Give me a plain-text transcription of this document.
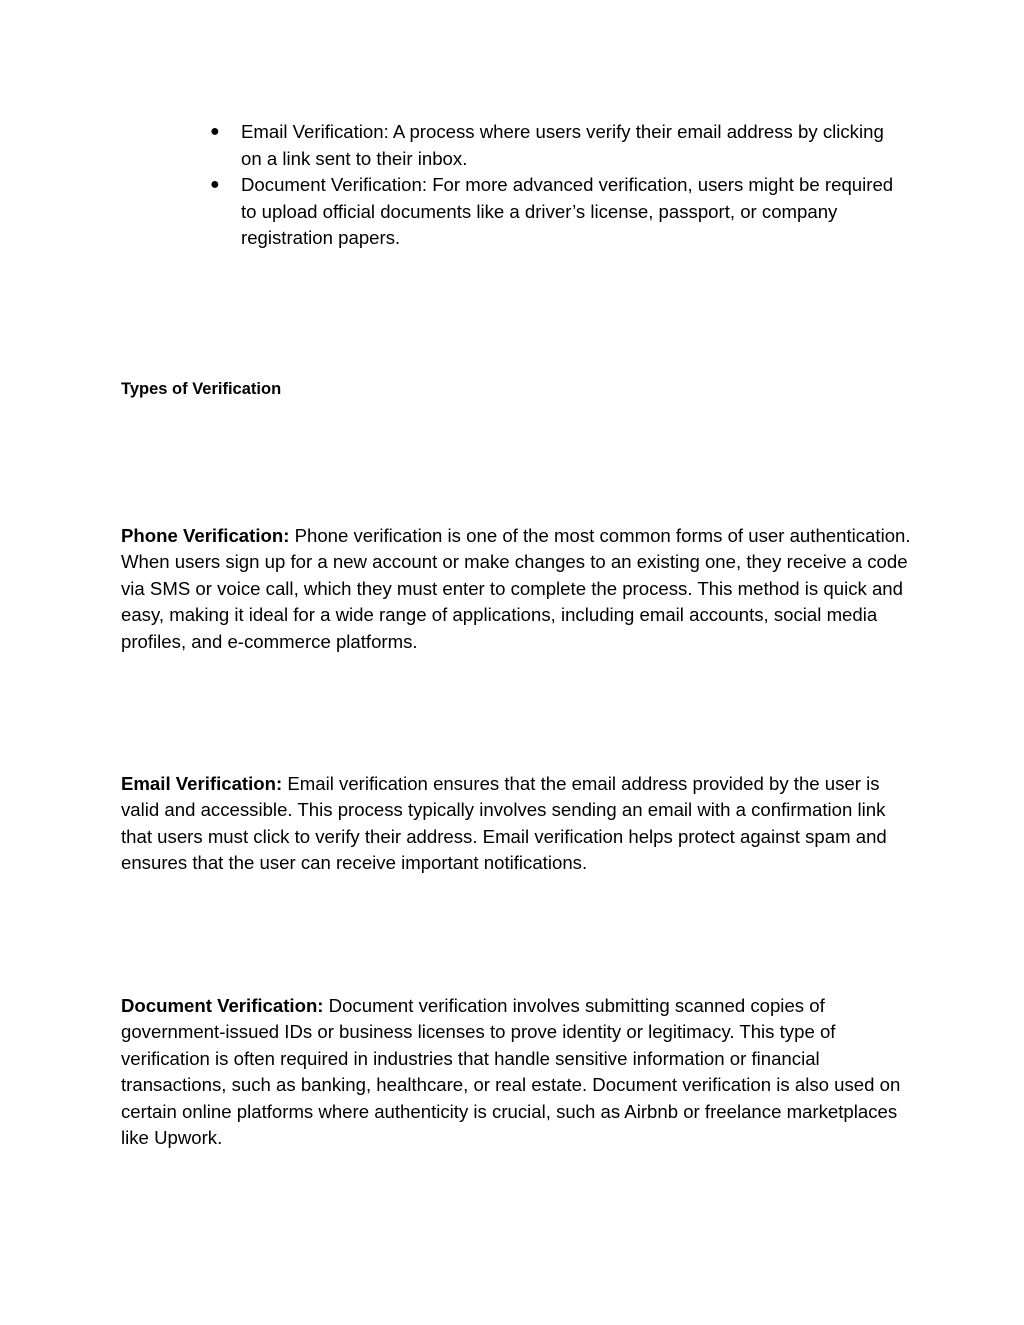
● Email Verification: A process where users verify their email address by clicking on a link sent to their inbox.
● Document Verification: For more advanced verification, users might be required to upload official documents like a driver’s license, passport, or company registration papers.
Types of Verification

Phone Verification: Phone verification is one of the most common forms of user authentication. When users sign up for a new account or make changes to an existing one, they receive a code via SMS or voice call, which they must enter to complete the process. This method is quick and easy, making it ideal for a wide range of applications, including email accounts, social media profiles, and e-commerce platforms.

Email Verification: Email verification ensures that the email address provided by the user is valid and accessible. This process typically involves sending an email with a confirmation link that users must click to verify their address. Email verification helps protect against spam and ensures that the user can receive important notifications.

Document Verification: Document verification involves submitting scanned copies of government-issued IDs or business licenses to prove identity or legitimacy. This type of verification is often required in industries that handle sensitive information or financial transactions, such as banking, healthcare, or real estate. Document verification is also used on certain online platforms where authenticity is crucial, such as Airbnb or freelance marketplaces like Upwork.
